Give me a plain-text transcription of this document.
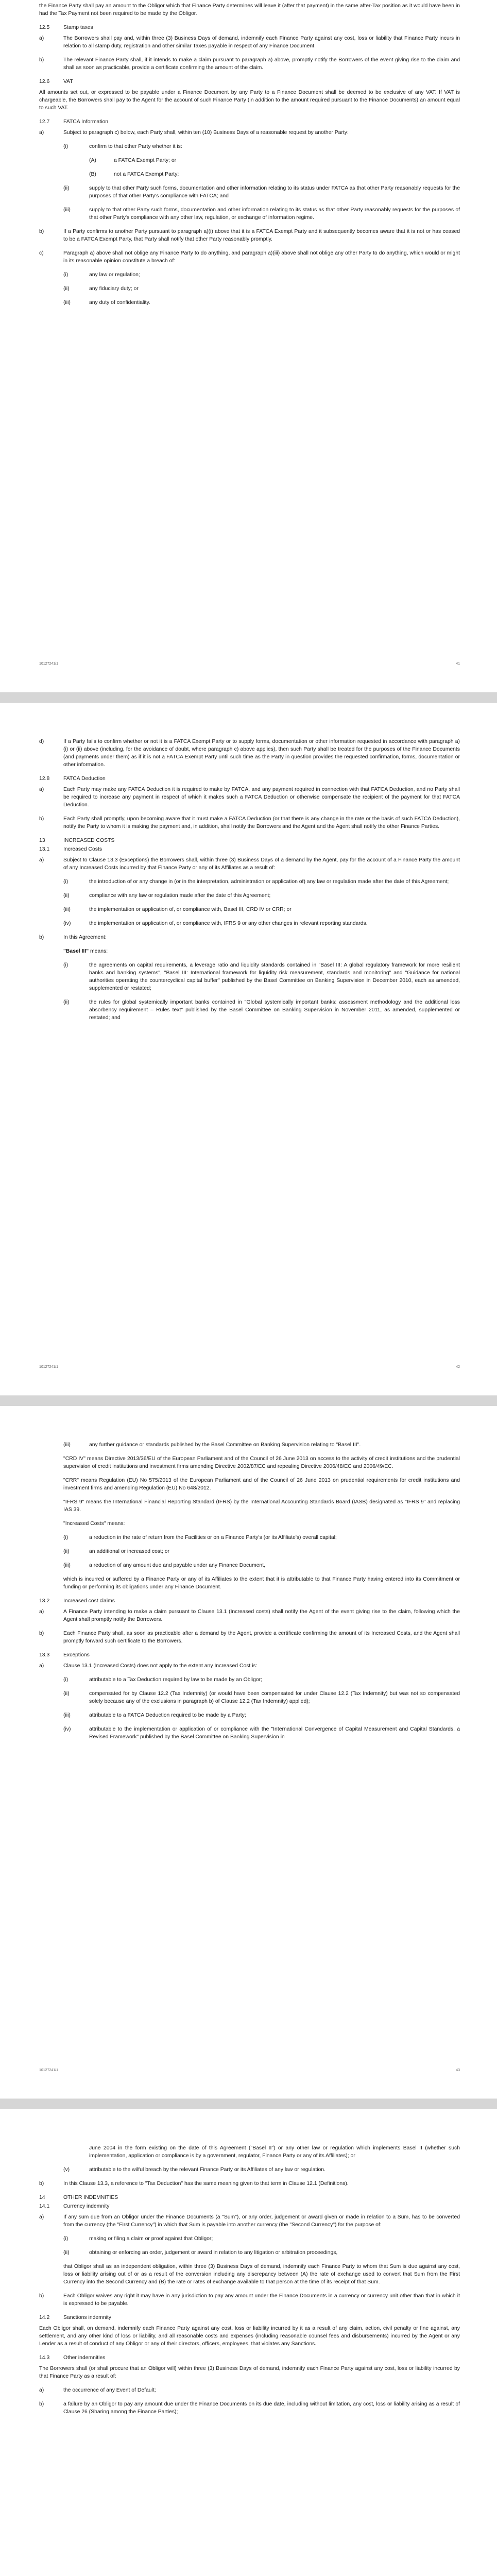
the Finance Party shall pay an amount to the Obligor which that Finance Party determines will leave it (after that payment) in the same after-Tax position as it would have been in had the Tax Payment not been required to be made by the Obligor.
12.5	Stamp taxes
a)	The Borrowers shall pay and, within three (3) Business Days of demand, indemnify each Finance Party against any cost, loss or liability that Finance Party incurs in relation to all stamp duty, registration and other similar Taxes payable in respect of any Finance Document.
b)	The relevant Finance Party shall, if it intends to make a claim pursuant to paragraph a) above, promptly notify the Borrowers of the event giving rise to the claim and shall as soon as practicable, provide a certificate confirming the amount of the claim.
12.6	VAT
All amounts set out, or expressed to be payable under a Finance Document by any Party to a Finance Document shall be deemed to be exclusive of any VAT. If VAT is chargeable, the Borrowers shall pay to the Agent for the account of such Finance Party (in addition to the amount required pursuant to the Finance Documents) an amount equal to such VAT.
12.7	FATCA Information
a)	Subject to paragraph c) below, each Party shall, within ten (10) Business Days of a reasonable request by another Party:
(i)	confirm to that other Party whether it is:
(A)	a FATCA Exempt Party; or
(B)	not a FATCA Exempt Party;
(ii)	supply to that other Party such forms, documentation and other information relating to its status under FATCA as that other Party reasonably requests for the purposes of that other Party's compliance with FATCA; and
(iii)	supply to that other Party such forms, documentation and other information relating to its status as that other Party reasonably requests for the purposes of that other Party's compliance with any other law, regulation, or exchange of information regime.
b)	If a Party confirms to another Party pursuant to paragraph a)(i) above that it is a FATCA Exempt Party and it subsequently becomes aware that it is not or has ceased to be a FATCA Exempt Party, that Party shall notify that other Party reasonably promptly.
c)	Paragraph a) above shall not oblige any Finance Party to do anything, and paragraph a)(iii) above shall not oblige any other Party to do anything, which would or might in its reasonable opinion constitute a breach of:
(i)	any law or regulation;
(ii)	any fiduciary duty; or
(iii)	any duty of confidentiality.
10127241/1	41
d)	If a Party fails to confirm whether or not it is a FATCA Exempt Party or to supply forms, documentation or other information requested in accordance with paragraph a)(i) or (ii) above (including, for the avoidance of doubt, where paragraph c) above applies), then such Party shall be treated for the purposes of the Finance Documents (and payments under them) as if it is not a FATCA Exempt Party until such time as the Party in question provides the requested confirmation, forms, documentation or other information.
12.8	FATCA Deduction
a)	Each Party may make any FATCA Deduction it is required to make by FATCA, and any payment required in connection with that FATCA Deduction, and no Party shall be required to increase any payment in respect of which it makes such a FATCA Deduction or otherwise compensate the recipient of the payment for that FATCA Deduction.
b)	Each Party shall promptly, upon becoming aware that it must make a FATCA Deduction (or that there is any change in the rate or the basis of such FATCA Deduction), notify the Party to whom it is making the payment and, in addition, shall notify the Borrowers and the Agent and the Agent shall notify the other Finance Parties.
13	INCREASED COSTS
13.1	Increased Costs
a)	Subject to Clause 13.3 (Exceptions) the Borrowers shall, within three (3) Business Days of a demand by the Agent, pay for the account of a Finance Party the amount of any Increased Costs incurred by that Finance Party or any of its Affiliates as a result of:
(i)	the introduction of or any change in (or in the interpretation, administration or application of) any law or regulation made after the date of this Agreement;
(ii)	compliance with any law or regulation made after the date of this Agreement;
(iii)	the implementation or application of, or compliance with, Basel III, CRD IV or CRR; or
(iv)	the implementation or application of, or compliance with, IFRS 9 or any other changes in relevant reporting standards.
b)	In this Agreement:
"Basel III" means:
(i)	the agreements on capital requirements, a leverage ratio and liquidity standards contained in "Basel III: A global regulatory framework for more resilient banks and banking systems", "Basel III: International framework for liquidity risk measurement, standards and monitoring" and "Guidance for national authorities operating the countercyclical capital buffer" published by the Basel Committee on Banking Supervision in December 2010, each as amended, supplemented or restated;
(ii)	the rules for global systemically important banks contained in "Global systemically important banks: assessment methodology and the additional loss absorbency requirement – Rules text" published by the Basel Committee on Banking Supervision in November 2011, as amended, supplemented or restated; and
10127241/1	42
(iii)	any further guidance or standards published by the Basel Committee on Banking Supervision relating to "Basel III".
"CRD IV" means Directive 2013/36/EU of the European Parliament and of the Council of 26 June 2013 on access to the activity of credit institutions and the prudential supervision of credit institutions and investment firms amending Directive 2002/87/EC and repealing Directive 2006/48/EC and 2006/49/EC.
"CRR" means Regulation (EU) No 575/2013 of the European Parliament and of the Council of 26 June 2013 on prudential requirements for credit institutions and investment firms and amending Regulation (EU) No 648/2012.
"IFRS 9" means the International Financial Reporting Standard (IFRS) by the International Accounting Standards Board (IASB) designated as "IFRS 9" and replacing IAS 39.
"Increased Costs" means:
(i)	a reduction in the rate of return from the Facilities or on a Finance Party's (or its Affiliate's) overall capital;
(ii)	an additional or increased cost; or
(iii)	a reduction of any amount due and payable under any Finance Document,
which is incurred or suffered by a Finance Party or any of its Affiliates to the extent that it is attributable to that Finance Party having entered into its Commitment or funding or performing its obligations under any Finance Document.
13.2	Increased cost claims
a)	A Finance Party intending to make a claim pursuant to Clause 13.1 (Increased costs) shall notify the Agent of the event giving rise to the claim, following which the Agent shall promptly notify the Borrowers.
b)	Each Finance Party shall, as soon as practicable after a demand by the Agent, provide a certificate confirming the amount of its Increased Costs, and the Agent shall promptly forward such certificate to the Borrowers.
13.3	Exceptions
a)	Clause 13.1 (Increased Costs) does not apply to the extent any Increased Cost is:
(i)	attributable to a Tax Deduction required by law to be made by an Obligor;
(ii)	compensated for by Clause 12.2 (Tax Indemnity) (or would have been compensated for under Clause 12.2 (Tax Indemnity) but was not so compensated solely because any of the exclusions in paragraph b) of Clause 12.2 (Tax Indemnity) applied);
(iii)	attributable to a FATCA Deduction required to be made by a Party;
(iv)	attributable to the implementation or application of or compliance with the "International Convergence of Capital Measurement and Capital Standards, a Revised Framework" published by the Basel Committee on Banking Supervision in
10127241/1	43
June 2004 in the form existing on the date of this Agreement ("Basel II") or any other law or regulation which implements Basel II (whether such implementation, application or compliance is by a government, regulator, Finance Party or any of its Affiliates); or
(v)	attributable to the wilful breach by the relevant Finance Party or its Affiliates of any law or regulation.
b)	In this Clause 13.3, a reference to "Tax Deduction" has the same meaning given to that term in Clause 12.1 (Definitions).
14	OTHER INDEMNITIES
14.1	Currency indemnity
a)	If any sum due from an Obligor under the Finance Documents (a "Sum"), or any order, judgement or award given or made in relation to a Sum, has to be converted from the currency (the "First Currency") in which that Sum is payable into another currency (the "Second Currency") for the purpose of:
(i)	making or filing a claim or proof against that Obligor;
(ii)	obtaining or enforcing an order, judgement or award in relation to any litigation or arbitration proceedings,
that Obligor shall as an independent obligation, within three (3) Business Days of demand, indemnify each Finance Party to whom that Sum is due against any cost, loss or liability arising out of or as a result of the conversion including any discrepancy between (A) the rate of exchange used to convert that Sum from the First Currency into the Second Currency and (B) the rate or rates of exchange available to that person at the time of its receipt of that Sum.
b)	Each Obligor waives any right it may have in any jurisdiction to pay any amount under the Finance Documents in a currency or currency unit other than that in which it is expressed to be payable.
14.2	Sanctions indemnity
Each Obligor shall, on demand, indemnify each Finance Party against any cost, loss or liability incurred by it as a result of any claim, action, civil penalty or fine against, any settlement, and any other kind of loss or liability, and all reasonable costs and expenses (including reasonable counsel fees and disbursements) incurred by the Agent or any Lender as a result of conduct of any Obligor or any of their directors, officers, employees, that violates any Sanctions.
14.3	Other indemnities
The Borrowers shall (or shall procure that an Obligor will) within three (3) Business Days of demand, indemnify each Finance Party against any cost, loss or liability incurred by that Finance Party as a result of:
a)	the occurrence of any Event of Default;
b)	a failure by an Obligor to pay any amount due under the Finance Documents on its due date, including without limitation, any cost, loss or liability arising as a result of Clause 26 (Sharing among the Finance Parties);
